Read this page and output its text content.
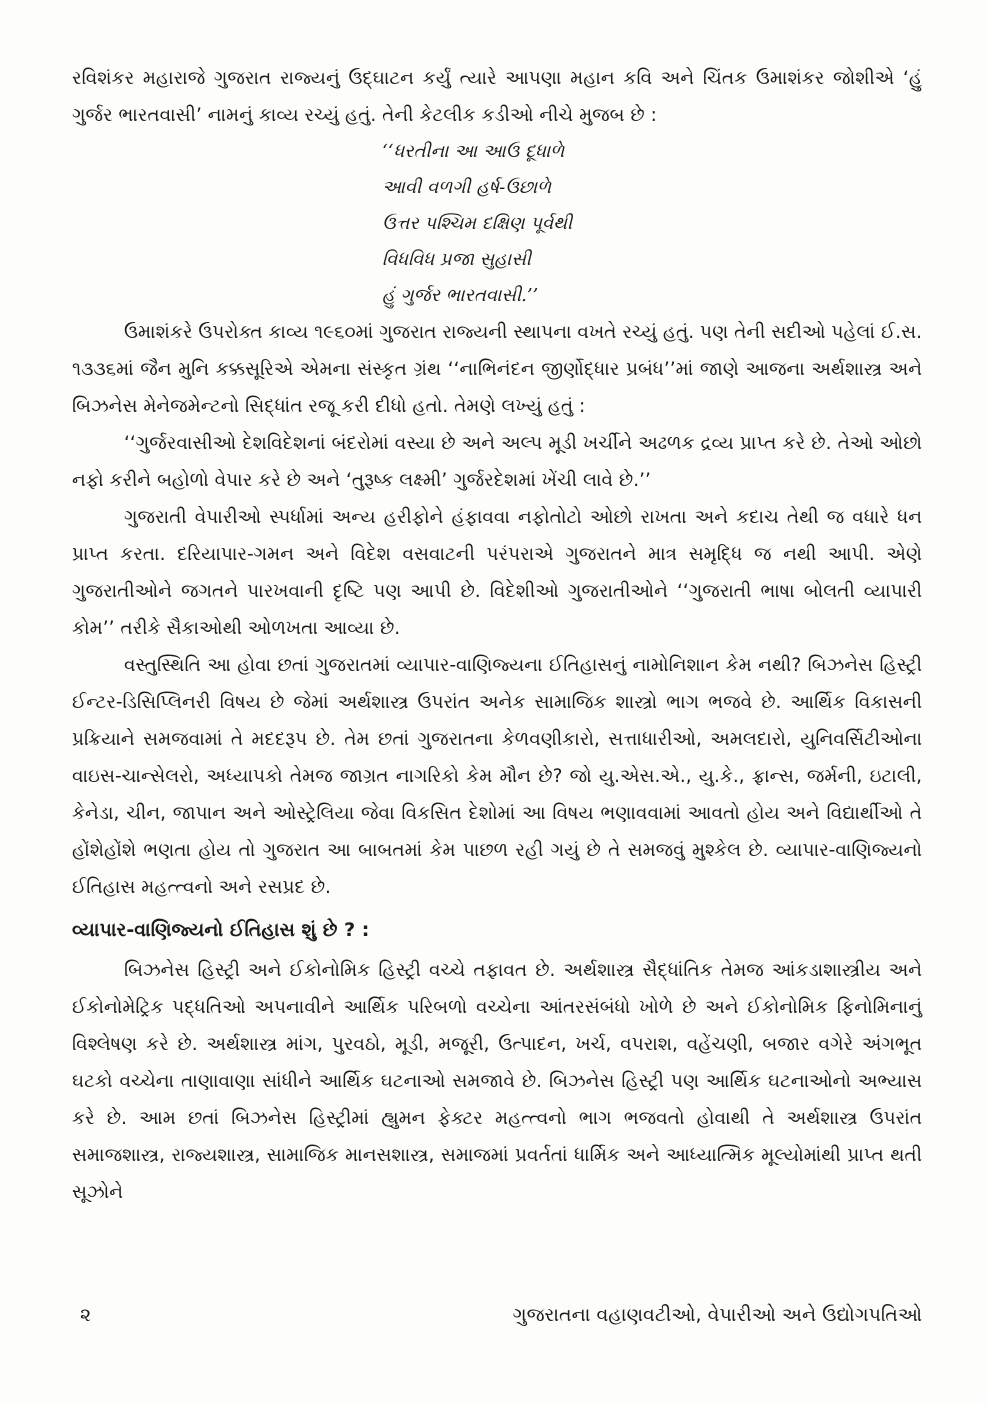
રવિશંકર મહારાજે ગુજરાત રાજ્યનું ઉદ્ઘાટન કર્યું ત્યારે આપણા મહાન કવિ અને ચિંતક ઉમાશંકર જોશીએ ‘હું ગુર્જર ભારતવાસી’ નામનું કાવ્ય રચ્યું હતું. તેની કેટલીક કડીઓ નીચે મુજબ છે :

‘‘ધરતીના આ આઉ દૂધાળે
આવી વળગી હર્ષ-ઉછાળે
ઉત્તર પશ્ચિમ દક્ષિણ પૂર્વથી
વિધવિધ પ્રજા સુહાસી
હું ગુર્જર ભારતવાસી.’’

ઉમાશંકરે ઉપરોક્ત કાવ્ય ૧૯૬૦માં ગુજરાત રાજ્યની સ્થાપના વખતે રચ્યું હતું. પણ તેની સદીઓ પહેલાં ઈ.સ. ૧૩૩૬માં જૈન મુનિ કક્કસૂરિએ એમના સંસ્કૃત ગ્રંથ ‘‘નાભિનંદન જીર્ણોદ્ધાર પ્રબંધ’’માં જાણે આજના અર્થશાસ્ત્ર અને બિઝનેસ મેનેજમેન્ટનો સિદ્ધાંત રજૂ કરી દીધો હતો. તેમણે લખ્યું હતું :

‘‘ગુર્જરવાસીઓ દેશવિદેશનાં બંદરોમાં વસ્યા છે અને અલ્પ મૂડી ખર્ચીને અઢળક દ્રવ્ય પ્રાપ્ત કરે છે. તેઓ ઓછો નફો કરીને બહોળો વેપાર કરે છે અને ‘તુરૂષ્ક લક્ષ્મી’ ગુર્જરદેશમાં ખેંચી લાવે છે.’’

ગુજરાતી વેપારીઓ સ્પર્ધામાં અન્ય હરીફોને હંફાવવા નફોતોટો ઓછો રાખતા અને કદાચ તેથી જ વધારે ધન પ્રાપ્ત કરતા. દરિયાપાર-ગમન અને વિદેશ વસવાટની પરંપરાએ ગુજરાતને માત્ર સમૃદ્ધિ જ નથી આપી. એણે ગુજરાતીઓને જગતને પારખવાની દૃષ્ટિ પણ આપી છે. વિદેશીઓ ગુજરાતીઓને ‘‘ગુજરાતી ભાષા બોલતી વ્યાપારી કોમ’’ તરીકે સૈકાઓથી ઓળખતા આવ્યા છે.

વસ્તુસ્થિતિ આ હોવા છતાં ગુજરાતમાં વ્યાપાર-વાણિજ્યના ઈતિહાસનું નામોનિશાન કેમ નથી? બિઝનેસ હિસ્ટ્રી ઈન્ટર-ડિસિપ્લિનરી વિષય છે જેમાં અર્થશાસ્ત્ર ઉપરાંત અનેક સામાજિક શાસ્ત્રો ભાગ ભજવે છે. આર્થિક વિકાસની પ્રક્રિયાને સમજવામાં તે મદદરૂપ છે. તેમ છતાં ગુજરાતના કેળવણીકારો, સત્તાધારીઓ, અમલદારો, યુનિવર્સિટીઓના વાઇસ-ચાન્સેલરો, અધ્યાપકો તેમજ જાગ્રત નાગરિકો કેમ મૌન છે? જો યુ.એસ.એ., યુ.કે., ફ્રાન્સ, જર્મની, ઇટાલી, કેનેડા, ચીન, જાપાન અને ઓસ્ટ્રેલિયા જેવા વિકસિત દેશોમાં આ વિષય ભણાવવામાં આવતો હોય અને વિદ્યાર્થીઓ તે હોંશેહોંશે ભણતા હોય તો ગુજરાત આ બાબતમાં કેમ પાછળ રહી ગયું છે તે સમજવું મુશ્કેલ છે. વ્યાપાર-વાણિજ્યનો ઈતિહાસ મહત્ત્વનો અને રસપ્રદ છે.

વ્યાપાર-વાણિજ્યનો ઈતિહાસ શું છે ? :

બિઝનેસ હિસ્ટ્રી અને ઈકોનોમિક હિસ્ટ્રી વચ્ચે તફાવત છે. અર્થશાસ્ત્ર સૈદ્ધાંતિક તેમજ આંકડાશાસ્ત્રીય અને ઈકોનોમેટ્રિક પદ્ધતિઓ અપનાવીને આર્થિક પરિબળો વચ્ચેના આંતરસંબંધો ખોળે છે અને ઈકોનોમિક ફિનોમિનાનું વિશ્લેષણ કરે છે. અર્થશાસ્ત્ર માંગ, પુરવઠો, મૂડી, મજૂરી, ઉત્પાદન, ખર્ચ, વપરાશ, વહેંચણી, બજાર વગેરે અંગભૂત ઘટકો વચ્ચેના તાણાવાણા સાંધીને આર્થિક ઘટનાઓ સમજાવે છે. બિઝનેસ હિસ્ટ્રી પણ આર્થિક ઘટનાઓનો અભ્યાસ કરે છે. આમ છતાં બિઝનેસ હિસ્ટ્રીમાં હ્યુમન ફેક્ટર મહત્ત્વનો ભાગ ભજવતો હોવાથી તે અર્થશાસ્ત્ર ઉપરાંત સમાજશાસ્ત્ર, રાજ્યશાસ્ત્ર, સામાજિક માનસશાસ્ત્ર, સમાજમાં પ્રવર્તતાં ધાર્મિક અને આધ્યાત્મિક મૂલ્યોમાંથી પ્રાપ્ત થતી સૂઝોને

૨	ગુજરાતના વહાણવટીઓ, વેપારીઓ અને ઉદ્યોગપતિઓ
